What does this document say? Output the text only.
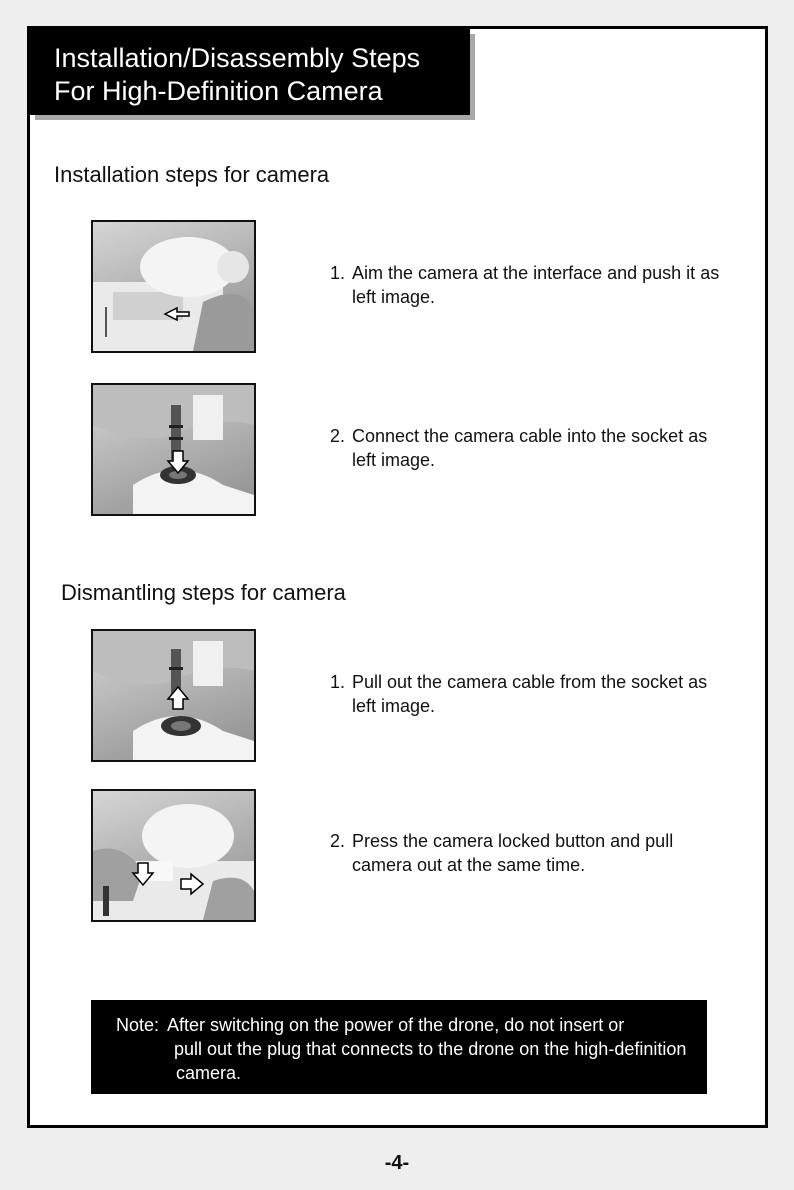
Installation/Disassembly Steps
For High-Definition Camera
Installation steps for camera
1. Aim the camera at the interface and push it as left image.
2. Connect the camera cable into the socket as left image.
Dismantling steps for camera
1. Pull out the camera cable from the socket as left image.
2. Press the camera locked button and pull camera out at the same time.
Note: After switching on the power of the drone, do not insert or
pull out the plug that connects to the drone on the high-definition camera.
-4-
